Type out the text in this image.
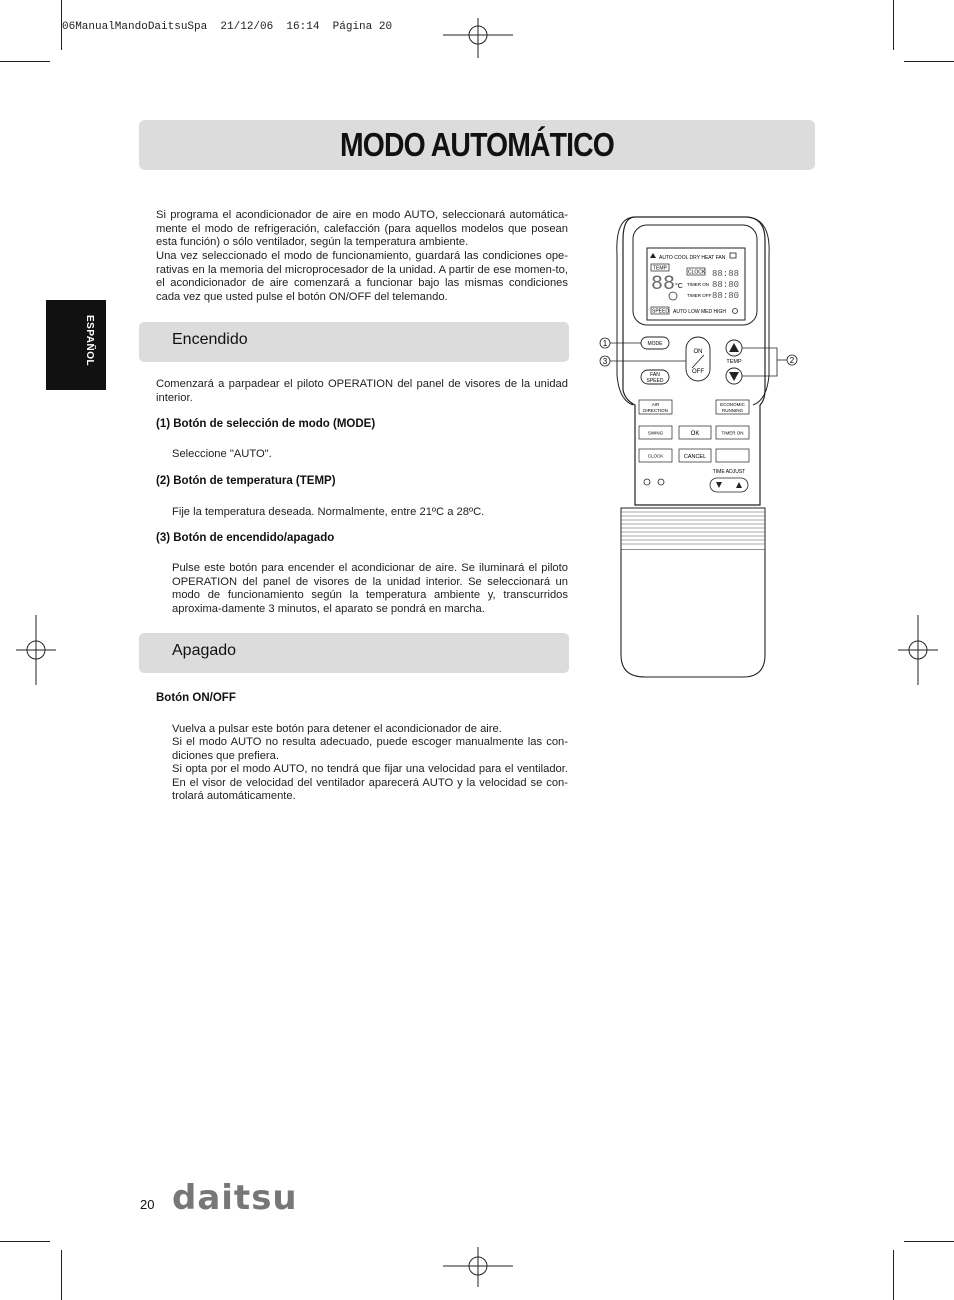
06ManualMandoDaitsuSpa  21/12/06  16:14  Página 20
ESPAÑOL
MODO AUTOMÁTICO
Si programa el acondicionador de aire en modo AUTO, seleccionará automática-mente el modo de refrigeración, calefacción (para aquellos modelos que posean esta función) o sólo ventilador, según la temperatura ambiente.
Una vez seleccionado el modo de funcionamiento, guardará las condiciones ope-rativas en la memoria del microprocesador de la unidad. A partir de ese momen-to, el acondicionador de aire comenzará a funcionar bajo las mismas condiciones cada vez que usted pulse el botón ON/OFF del telemando.
Encendido
Comenzará a parpadear el piloto OPERATION del panel de visores de la unidad interior.
(1) Botón de selección de modo (MODE)
Seleccione "AUTO".
(2) Botón de temperatura (TEMP)
Fije la temperatura deseada. Normalmente, entre 21ºC a 28ºC.
(3) Botón de encendido/apagado
Pulse este botón para encender el acondicionar de aire. Se iluminará el piloto OPERATION del panel de visores de la unidad interior. Se seleccionará un modo de funcionamiento según la temperatura ambiente y, transcurridos aproxima-damente 3 minutos, el aparato se pondrá en marcha.
Apagado
Botón ON/OFF
Vuelva a pulsar este botón para detener el acondicionador de aire.
Si el modo AUTO no resulta adecuado, puede escoger manualmente las con-diciones que prefiera.
Si opta por el modo AUTO, no tendrá que fijar una velocidad para el ventilador. En el visor de velocidad del ventilador aparecerá AUTO y la velocidad se con-trolará automáticamente.
AUTO COOL DRY HEAT FAN
TEMP
88 °C
CLOCK 88:88
TIMER ON 88:80
TIMER OFF 88:80
SPEED AUTO LOW MED HIGH
MODE
FAN
SPEED
ON
OFF
TEMP
1
3	2
AIR
DIRECTION
ECONOMIC
RUNNING
SWING	OK	TIMER ON
CLOCK	CANCEL
TIME ADJUST
20 daitsu
